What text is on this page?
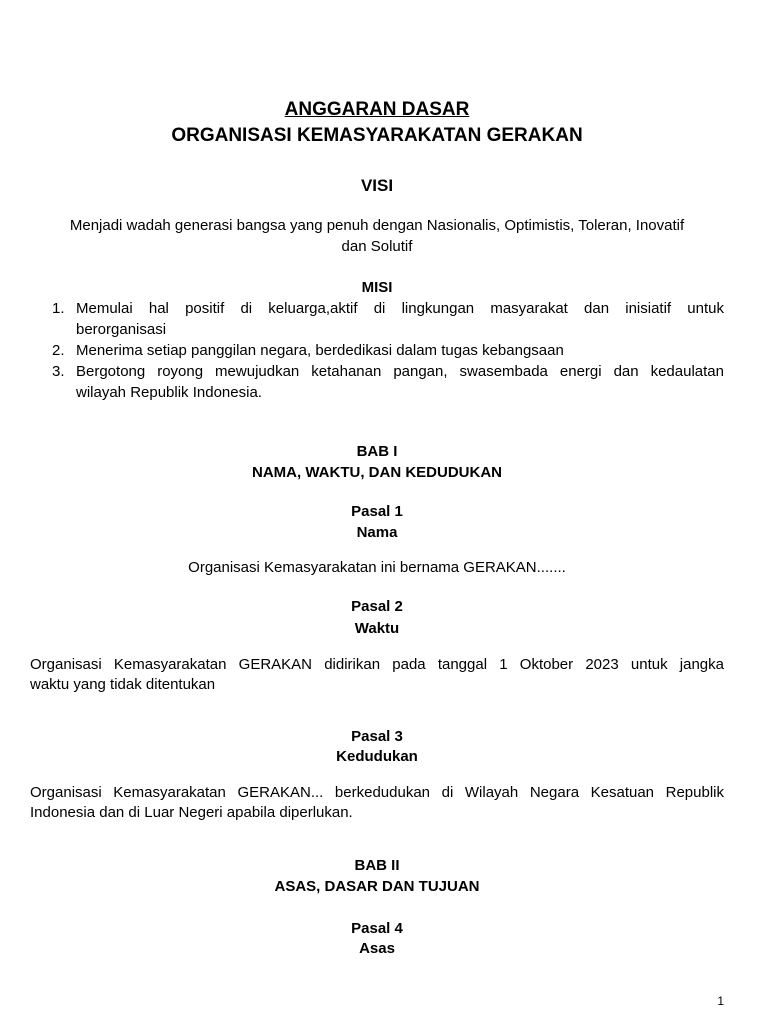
ANGGARAN DASAR
ORGANISASI KEMASYARAKATAN GERAKAN
VISI
Menjadi wadah generasi bangsa yang penuh dengan Nasionalis, Optimistis, Toleran, Inovatif
dan Solutif
MISI
1. Memulai hal positif di keluarga,aktif di lingkungan masyarakat dan inisiatif untuk
berorganisasi
2. Menerima setiap panggilan negara, berdedikasi dalam tugas kebangsaan
3. Bergotong royong mewujudkan ketahanan pangan, swasembada energi dan kedaulatan
wilayah Republik Indonesia.
BAB I
NAMA, WAKTU, DAN KEDUDUKAN
Pasal 1
Nama
Organisasi Kemasyarakatan ini bernama GERAKAN.......
Pasal 2
Waktu
Organisasi Kemasyarakatan GERAKAN didirikan pada tanggal 1 Oktober 2023 untuk jangka
waktu yang tidak ditentukan
Pasal 3
Kedudukan
Organisasi Kemasyarakatan GERAKAN... berkedudukan di Wilayah Negara Kesatuan Republik
Indonesia dan di Luar Negeri apabila diperlukan.
BAB II
ASAS, DASAR DAN TUJUAN
Pasal 4
Asas
1
